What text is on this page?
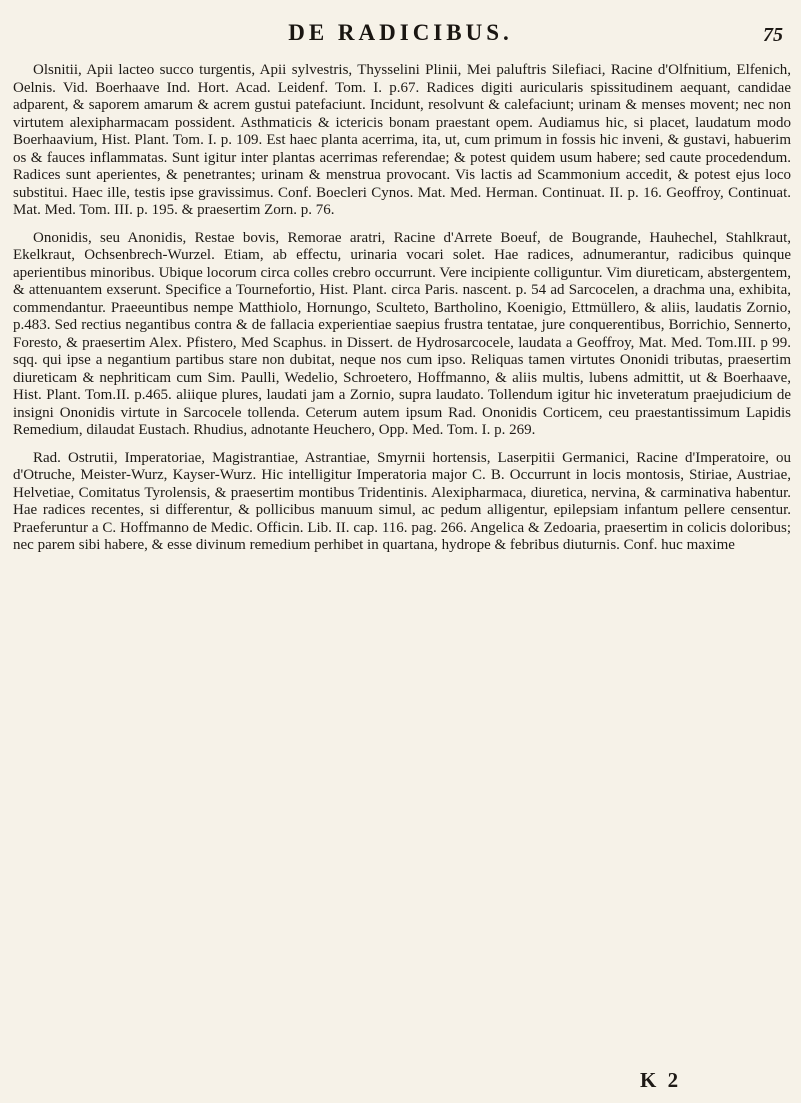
DE RADICIBUS.	75

Olsnitii, Apii lacteo succo turgentis, Apii sylvestris, Thysselini Plinii, Mei paluftris Silefiaci, Racine d'Olfnitium, Elfenich, Oelnis. Vid. Boerhaave Ind. Hort. Acad. Leidenf. Tom. I. p.67. Radices digiti auricularis spissitudinem aequant, candidae adparent, & saporem amarum & acrem gustui patefaciunt. Incidunt, resolvunt & calefaciunt; urinam & menses movent; nec non virtutem alexipharmacam possident. Asthmaticis & ictericis bonam praestant opem. Audiamus hic, si placet, laudatum modo Boerhaavium, Hist. Plant. Tom. I. p. 109. Est haec planta acerrima, ita, ut, cum primum in fossis hic inveni, & gustavi, habuerim os & fauces inflammatas. Sunt igitur inter plantas acerrimas referendae; & potest quidem usum habere; sed caute procedendum. Radices sunt aperientes, & penetrantes; urinam & menstrua provocant. Vis lactis ad Scammonium accedit, & potest ejus loco substitui. Haec ille, testis ipse gravissimus. Conf. Boecleri Cynos. Mat. Med. Herman. Continuat. II. p. 16. Geoffroy, Continuat. Mat. Med. Tom. III. p. 195. & praesertim Zorn. p. 76.

Ononidis, seu Anonidis, Restae bovis, Remorae aratri, Racine d'Arrete Boeuf, de Bougrande, Hauhechel, Stahlkraut, Ekelkraut, Ochsenbrech-Wurzel. Etiam, ab effectu, urinaria vocari solet. Hae radices, adnumerantur, radicibus quinque aperientibus minoribus. Ubique locorum circa colles crebro occurrunt. Vere incipiente colliguntur. Vim diureticam, abstergentem, & attenuantem exserunt. Specifice a Tournefortio, Hist. Plant. circa Paris. nascent. p. 54 ad Sarcocelen, a drachma una, exhibita, commendantur. Praeeuntibus nempe Matthiolo, Hornungo, Sculteto, Bartholino, Koenigio, Ettmüllero, & aliis, laudatis Zornio, p.483. Sed rectius negantibus contra & de fallacia experientiae saepius frustra tentatae, jure conquerentibus, Borrichio, Sennerto, Foresto, & praesertim Alex. Pfistero, Med Scaphus. in Dissert. de Hydrosarcocele, laudata a Geoffroy, Mat. Med. Tom.III. p 99. sqq. qui ipse a negantium partibus stare non dubitat, neque nos cum ipso. Reliquas tamen virtutes Ononidi tributas, praesertim diureticam & nephriticam cum Sim. Paulli, Wedelio, Schroetero, Hoffmanno, & aliis multis, lubens admittit, ut & Boerhaave, Hist. Plant. Tom.II. p.465. aliique plures, laudati jam a Zornio, supra laudato. Tollendum igitur hic inveteratum praejudicium de insigni Ononidis virtute in Sarcocele tollenda. Ceterum autem ipsum Rad. Ononidis Corticem, ceu praestantissimum Lapidis Remedium, dilaudat Eustach. Rhudius, adnotante Heuchero, Opp. Med. Tom. I. p. 269.

Rad. Ostrutii, Imperatoriae, Magistrantiae, Astrantiae, Smyrnii hortensis, Laserpitii Germanici, Racine d'Imperatoire, ou d'Otruche, Meister-Wurz, Kayser-Wurz. Hic intelligitur Imperatoria major C. B. Occurrunt in locis montosis, Stiriae, Austriae, Helvetiae, Comitatus Tyrolensis, & praesertim montibus Tridentinis. Alexipharmaca, diuretica, nervina, & carminativa habentur. Hae radices recentes, si differentur, & pollicibus manuum simul, ac pedum alligentur, epilepsiam infantum pellere censentur. Praeferuntur a C. Hoffmanno de Medic. Officin. Lib. II. cap. 116. pag. 266. Angelica & Zedoaria, praesertim in colicis doloribus; nec parem sibi habere, & esse divinum remedium perhibet in quartana, hydrope & febribus diuturnis. Conf. huc maxime

K 2
